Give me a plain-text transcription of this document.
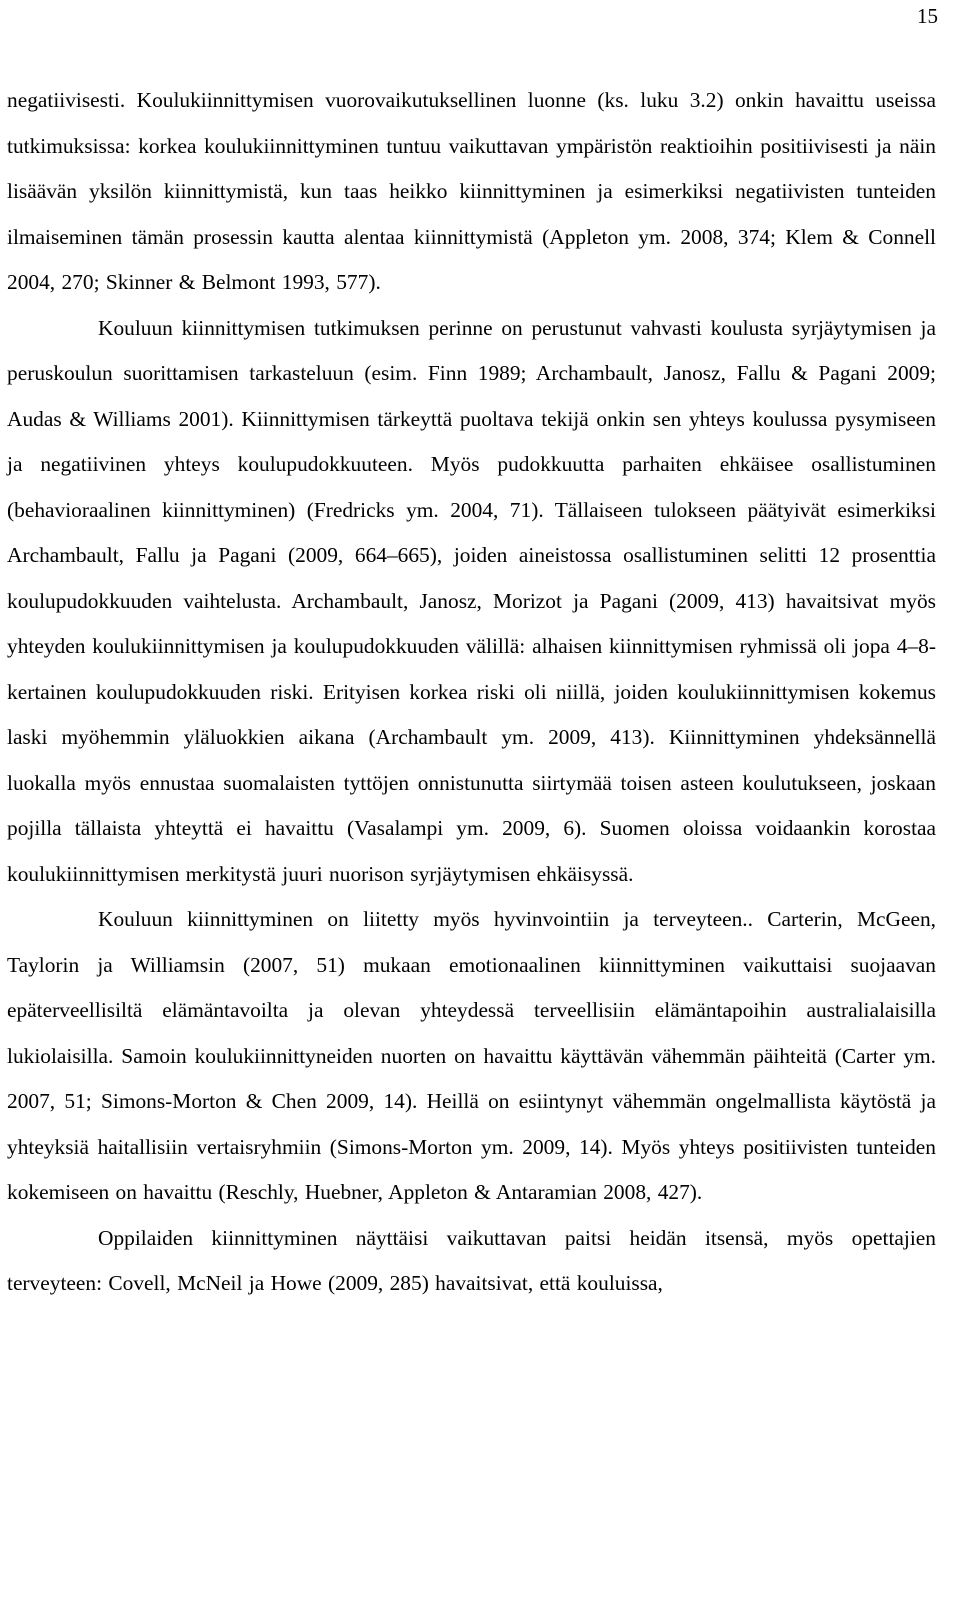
15

negatiivisesti. Koulukiinnittymisen vuorovaikutuksellinen luonne (ks. luku 3.2) onkin havaittu useissa tutkimuksissa: korkea koulukiinnittyminen tuntuu vaikuttavan ympäristön reaktioihin positiivisesti ja näin lisäävän yksilön kiinnittymistä, kun taas heikko kiinnittyminen ja esimerkiksi negatiivisten tunteiden ilmaiseminen tämän prosessin kautta alentaa kiinnittymistä (Appleton ym. 2008, 374; Klem & Connell 2004, 270; Skinner & Belmont 1993, 577).

Kouluun kiinnittymisen tutkimuksen perinne on perustunut vahvasti koulusta syrjäytymisen ja peruskoulun suorittamisen tarkasteluun (esim. Finn 1989; Archambault, Janosz, Fallu & Pagani 2009; Audas & Williams 2001). Kiinnittymisen tärkeyttä puoltava tekijä onkin sen yhteys koulussa pysymiseen ja negatiivinen yhteys koulupudokkuuteen. Myös pudokkuutta parhaiten ehkäisee osallistuminen (behavioraalinen kiinnittyminen) (Fredricks ym. 2004, 71). Tällaiseen tulokseen päätyivät esimerkiksi Archambault, Fallu ja Pagani (2009, 664–665), joiden aineistossa osallistuminen selitti 12 prosenttia koulupudokkuuden vaihtelusta. Archambault, Janosz, Morizot ja Pagani (2009, 413) havaitsivat myös yhteyden koulukiinnittymisen ja koulupudokkuuden välillä: alhaisen kiinnittymisen ryhmissä oli jopa 4–8-kertainen koulupudokkuuden riski. Erityisen korkea riski oli niillä, joiden koulukiinnittymisen kokemus laski myöhemmin yläluokkien aikana (Archambault ym. 2009, 413). Kiinnittyminen yhdeksännellä luokalla myös ennustaa suomalaisten tyttöjen onnistunutta siirtymää toisen asteen koulutukseen, joskaan pojilla tällaista yhteyttä ei havaittu (Vasalampi ym. 2009, 6). Suomen oloissa voidaankin korostaa koulukiinnittymisen merkitystä juuri nuorison syrjäytymisen ehkäisyssä.

Kouluun kiinnittyminen on liitetty myös hyvinvointiin ja terveyteen.. Carterin, McGeen, Taylorin ja Williamsin (2007, 51) mukaan emotionaalinen kiinnittyminen vaikuttaisi suojaavan epäterveellisiltä elämäntavoilta ja olevan yhteydessä terveellisiin elämäntapoihin australialaisilla lukiolaisilla. Samoin koulukiinnittyneiden nuorten on havaittu käyttävän vähemmän päihteitä (Carter ym. 2007, 51; Simons-Morton & Chen 2009, 14). Heillä on esiintynyt vähemmän ongelmallista käytöstä ja yhteyksiä haitallisiin vertaisryhmiin (Simons-Morton ym. 2009, 14). Myös yhteys positiivisten tunteiden kokemiseen on havaittu (Reschly, Huebner, Appleton & Antaramian 2008, 427).

Oppilaiden kiinnittyminen näyttäisi vaikuttavan paitsi heidän itsensä, myös opettajien terveyteen: Covell, McNeil ja Howe (2009, 285) havaitsivat, että kouluissa,
